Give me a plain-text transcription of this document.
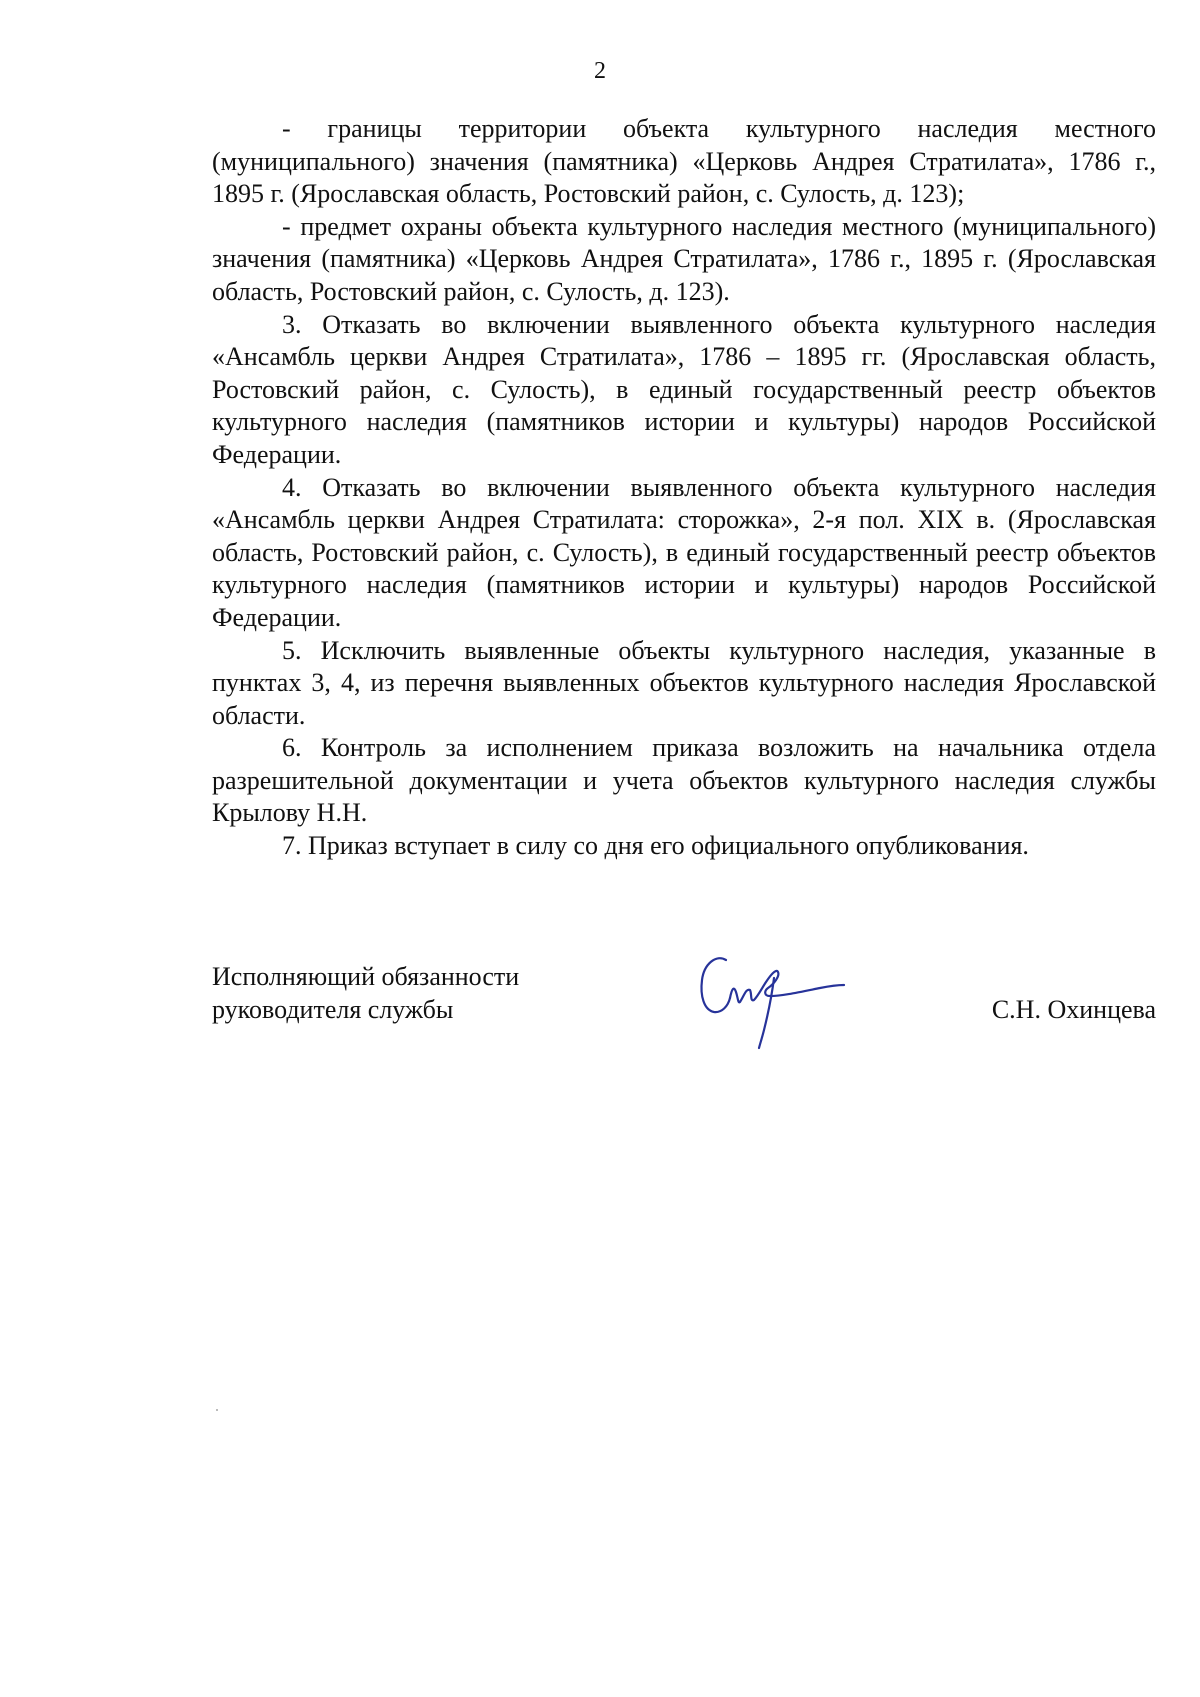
2

- границы территории объекта культурного наследия местного (муниципального) значения (памятника) «Церковь Андрея Стратилата», 1786 г., 1895 г. (Ярославская область, Ростовский район, с. Сулость, д. 123);

- предмет охраны объекта культурного наследия местного (муниципального) значения (памятника) «Церковь Андрея Стратилата», 1786 г., 1895 г. (Ярославская область, Ростовский район, с. Сулость, д. 123).

3. Отказать во включении выявленного объекта культурного наследия «Ансамбль церкви Андрея Стратилата», 1786 – 1895 гг. (Ярославская область, Ростовский район, с. Сулость), в единый государственный реестр объектов культурного наследия (памятников истории и культуры) народов Российской Федерации.

4. Отказать во включении выявленного объекта культурного наследия «Ансамбль церкви Андрея Стратилата: сторожка», 2-я пол. XIX в. (Ярославская область, Ростовский район, с. Сулость), в единый государственный реестр объектов культурного наследия (памятников истории и культуры) народов Российской Федерации.

5. Исключить выявленные объекты культурного наследия, указанные в пунктах 3, 4, из перечня выявленных объектов культурного наследия Ярославской области.

6. Контроль за исполнением приказа возложить на начальника отдела разрешительной документации и учета объектов культурного наследия службы Крылову Н.Н.

7. Приказ вступает в силу со дня его официального опубликования.

Исполняющий обязанности
руководителя службы	С.Н. Охинцева
